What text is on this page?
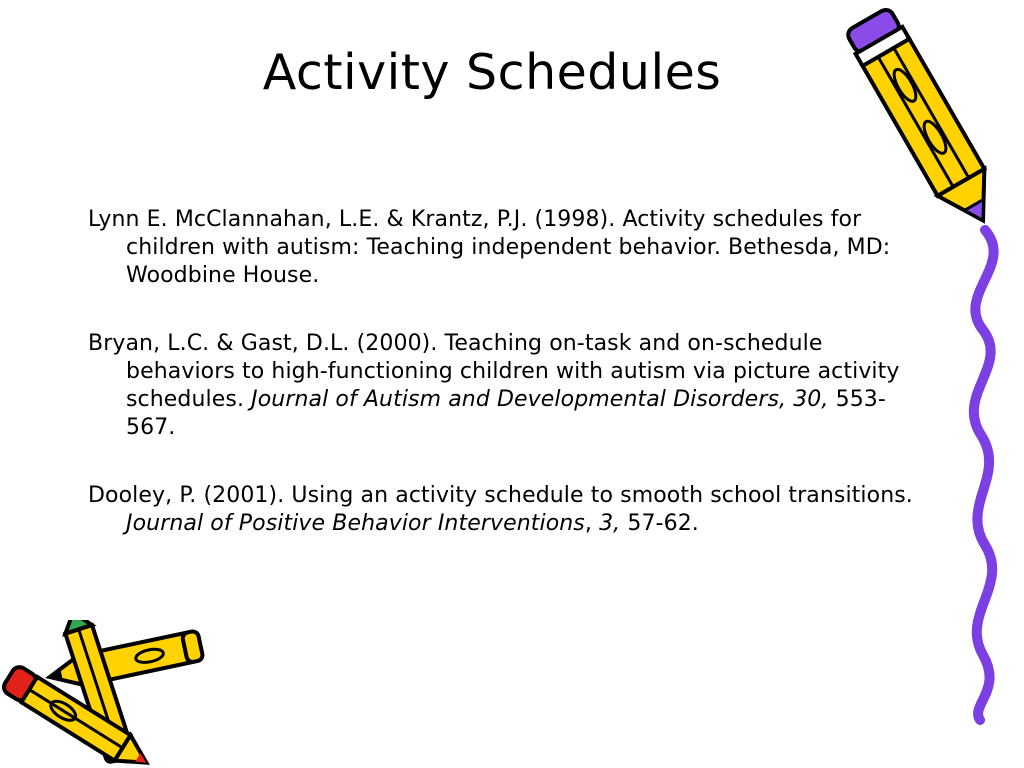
Activity Schedules
Lynn E. McClannahan, L.E. & Krantz, P.J. (1998). Activity schedules for children with autism: Teaching independent behavior. Bethesda, MD: Woodbine House.
Bryan, L.C. & Gast, D.L. (2000). Teaching on-task and on-schedule behaviors to high-functioning children with autism via picture activity schedules. Journal of Autism and Developmental Disorders, 30, 553-567.
Dooley, P. (2001). Using an activity schedule to smooth school transitions. Journal of Positive Behavior Interventions, 3, 57-62.
